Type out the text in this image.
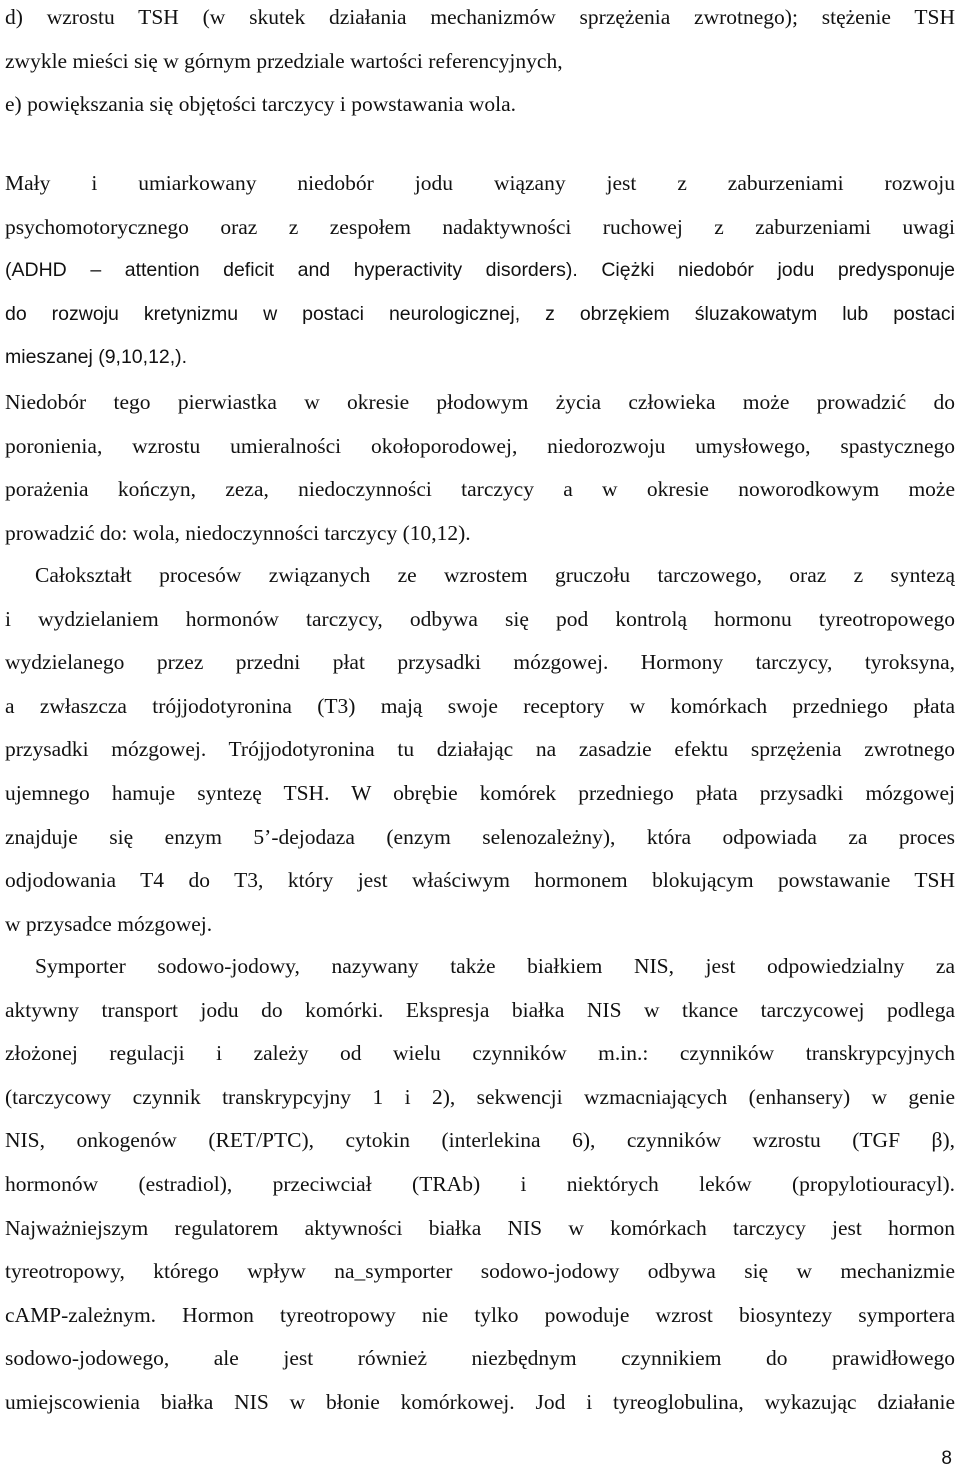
d) wzrostu TSH (w skutek działania mechanizmów sprzężenia zwrotnego); stężenie TSH
zwykle mieści się w górnym przedziale wartości referencyjnych,
e) powiększania się objętości tarczycy i powstawania wola.
Mały i umiarkowany niedobór jodu wiązany jest z zaburzeniami rozwoju
psychomotorycznego oraz z zespołem nadaktywności ruchowej z zaburzeniami uwagi
(ADHD – attention deficit and hyperactivity disorders). Ciężki niedobór jodu predysponuje
do rozwoju kretynizmu w postaci neurologicznej, z obrzękiem śluzakowatym lub postaci
mieszanej (9,10,12,).
Niedobór tego pierwiastka w okresie płodowym życia człowieka może prowadzić do
poronienia, wzrostu umieralności okołoporodowej, niedorozwoju umysłowego, spastycznego
porażenia kończyn, zeza, niedoczynności tarczycy a w okresie noworodkowym może
prowadzić do: wola, niedoczynności tarczycy (10,12).
Całokształt procesów związanych ze wzrostem gruczołu tarczowego, oraz z syntezą
i wydzielaniem hormonów tarczycy, odbywa się pod kontrolą hormonu tyreotropowego
wydzielanego przez przedni płat przysadki mózgowej. Hormony tarczycy, tyroksyna,
a zwłaszcza trójjodotyronina (T3) mają swoje receptory w komórkach przedniego płata
przysadki mózgowej. Trójjodotyronina tu działając na zasadzie efektu sprzężenia zwrotnego
ujemnego hamuje syntezę TSH. W obrębie komórek przedniego płata przysadki mózgowej
znajduje się enzym 5’-dejodaza (enzym selenozależny), która odpowiada za proces
odjodowania T4 do T3, który jest właściwym hormonem blokującym powstawanie TSH
w przysadce mózgowej.
Symporter sodowo-jodowy, nazywany także białkiem NIS, jest odpowiedzialny za
aktywny transport jodu do komórki. Ekspresja białka NIS w tkance tarczycowej podlega
złożonej regulacji i zależy od wielu czynników m.in.: czynników transkrypcyjnych
(tarczycowy czynnik transkrypcyjny 1 i 2), sekwencji wzmacniających (enhansery) w genie
NIS, onkogenów (RET/PTC), cytokin (interlekina 6), czynników wzrostu (TGF β),
hormonów (estradiol), przeciwciał (TRAb) i niektórych leków (propylotiouracyl).
Najważniejszym regulatorem aktywności białka NIS w komórkach tarczycy jest hormon
tyreotropowy, którego wpływ na_symporter sodowo-jodowy odbywa się w mechanizmie
cAMP-zależnym. Hormon tyreotropowy nie tylko powoduje wzrost biosyntezy symportera
sodowo-jodowego, ale jest również niezbędnym czynnikiem do prawidłowego
umiejscowienia białka NIS w błonie komórkowej. Jod i tyreoglobulina, wykazując działanie
8
